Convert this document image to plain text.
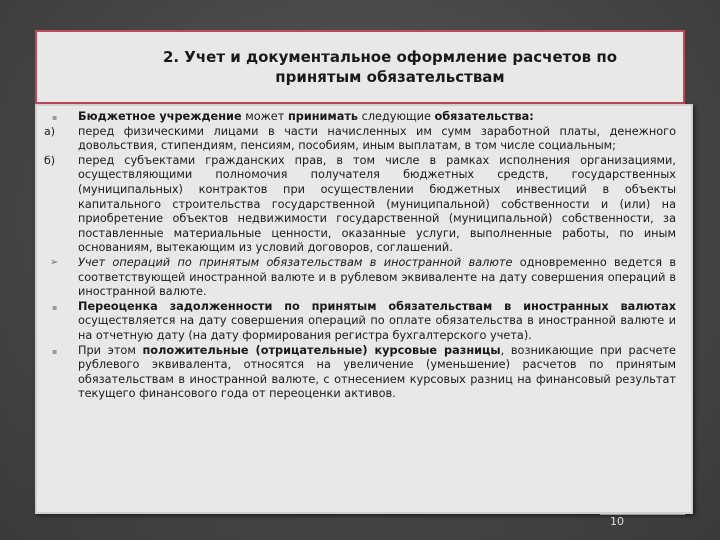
2. Учет и документальное оформление расчетов по принятым обязательствам
▪	Бюджетное учреждение может принимать следующие обязательства:
а)	перед физическими лицами в части начисленных им сумм заработной платы, денежного довольствия, стипендиям, пенсиям, пособиям, иным выплатам, в том числе социальным;
б)	перед субъектами гражданских прав, в том числе в рамках исполнения организациями, осуществляющими полномочия получателя бюджетных средств, государственных (муниципальных) контрактов при осуществлении бюджетных инвестиций в объекты капитального строительства государственной (муниципальной) собственности и (или) на приобретение объектов недвижимости государственной (муниципальной) собственности, за поставленные материальные ценности, оказанные услуги, выполненные работы, по иным основаниям, вытекающим из условий договоров, соглашений.
➢	Учет операций по принятым обязательствам в иностранной валюте одновременно ведется в соответствующей иностранной валюте и в рублевом эквиваленте на дату совершения операций в иностранной валюте.
▪	Переоценка задолженности по принятым обязательствам в иностранных валютах осуществляется на дату совершения операций по оплате обязательства в иностранной валюте и на отчетную дату (на дату формирования регистра бухгалтерского учета).
▪	При этом положительные (отрицательные) курсовые разницы, возникающие при расчете рублевого эквивалента, относятся на увеличение (уменьшение) расчетов по принятым обязательствам в иностранной валюте, с отнесением курсовых разниц на финансовый результат текущего финансового года от переоценки активов.
10
